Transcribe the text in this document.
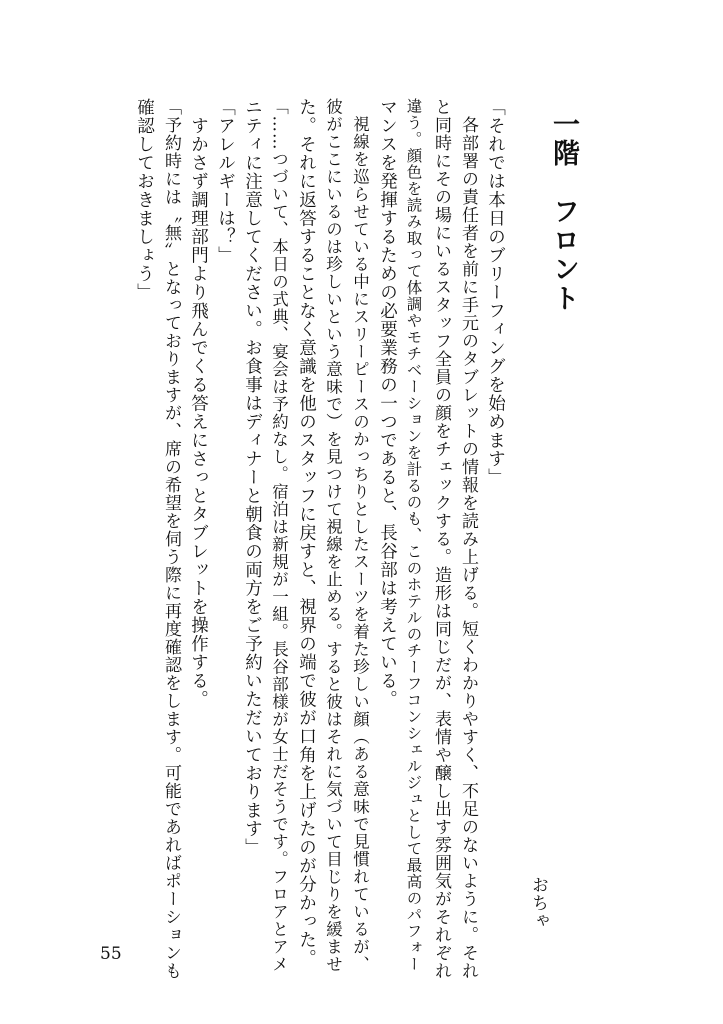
一階　フロント
「それでは本日のブリーフィングを始めます」
　各部署の責任者を前に手元のタブレットの情報を読み上げる。短くわかりやすく、不足のないように。それ
と同時にその場にいるスタッフ全員の顔をチェックする。造形は同じだが、表情や醸し出す雰囲気がそれぞれ
違う。顔色を読み取って体調やモチベーションを計るのも、このホテルのチーフコンシェルジュとして最高のパフォー
マンスを発揮するための必要業務の一つであると、長谷部は考えている。
　視線を巡らせている中にスリーピースのかっちりとしたスーツを着た珍しい顔（ある意味で見慣れているが、
彼がここにいるのは珍しいという意味で）を見つけて視線を止める。すると彼はそれに気づいて目じりを緩ませ
た。それに返答することなく意識を他のスタッフに戻すと、視界の端で彼が口角を上げたのが分かった。
「……つづいて、本日の式典、宴会は予約なし。宿泊は新規が一組。長谷部様が女士だそうです。フロアとアメ
ニティに注意してください。お食事はディナーと朝食の両方をご予約いただいております」
「アレルギーは？」
　すかさず調理部門より飛んでくる答えにさっとタブレットを操作する。
「予約時には〝無〟となっておりますが、席の希望を伺う際に再度確認をします。可能であればポーションも
確認しておきましょう」
おちゃ
55
